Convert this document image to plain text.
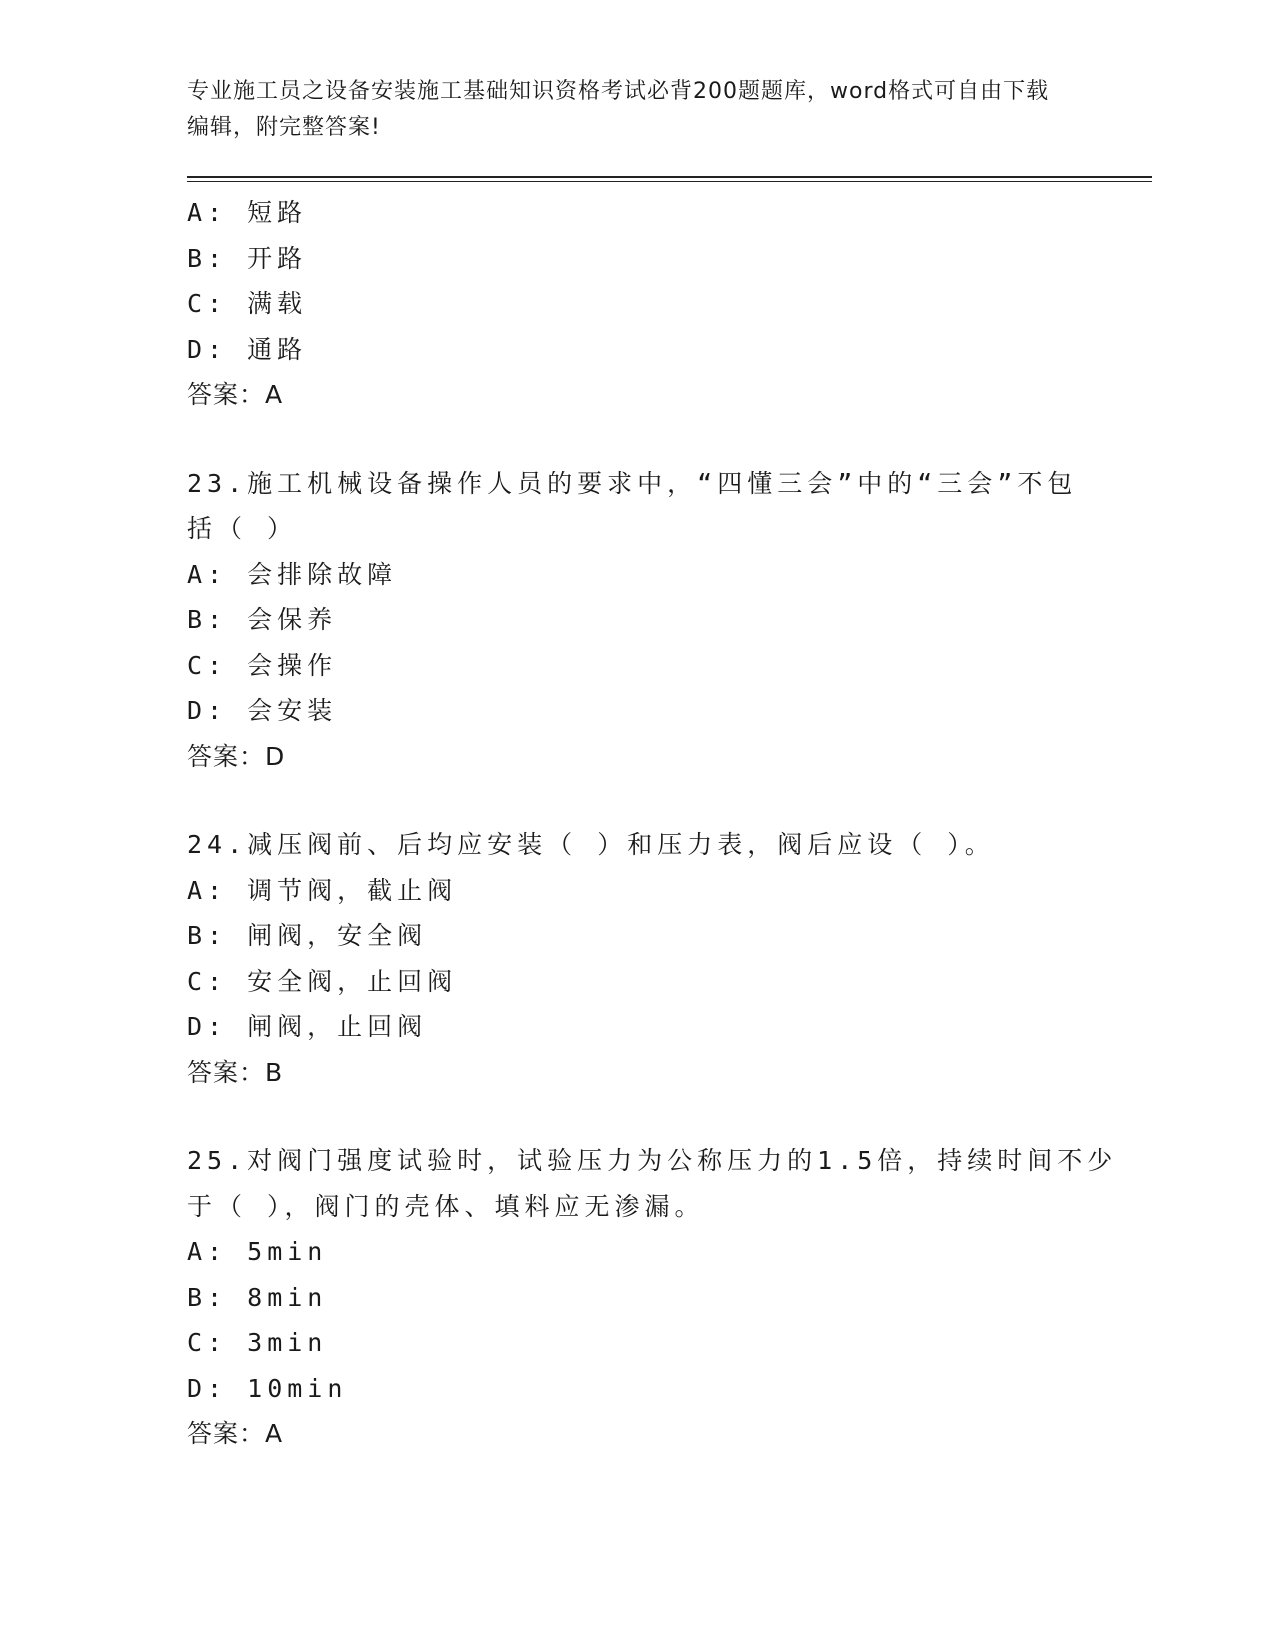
专业施工员之设备安装施工基础知识资格考试必背200题题库，word格式可自由下载编辑，附完整答案!
A: 短路
B: 开路
C: 满载
D: 通路
答案：A
23.施工机械设备操作人员的要求中，“四懂三会”中的“三会”不包
括（ ）
A: 会排除故障
B: 会保养
C: 会操作
D: 会安装
答案：D
24.减压阀前、后均应安装（ ）和压力表，阀后应设（ ）。
A: 调节阀，截止阀
B: 闸阀，安全阀
C: 安全阀，止回阀
D: 闸阀，止回阀
答案：B
25.对阀门强度试验时，试验压力为公称压力的1.5倍，持续时间不少
于（ ），阀门的壳体、填料应无渗漏。
A: 5min
B: 8min
C: 3min
D: 10min
答案：A
